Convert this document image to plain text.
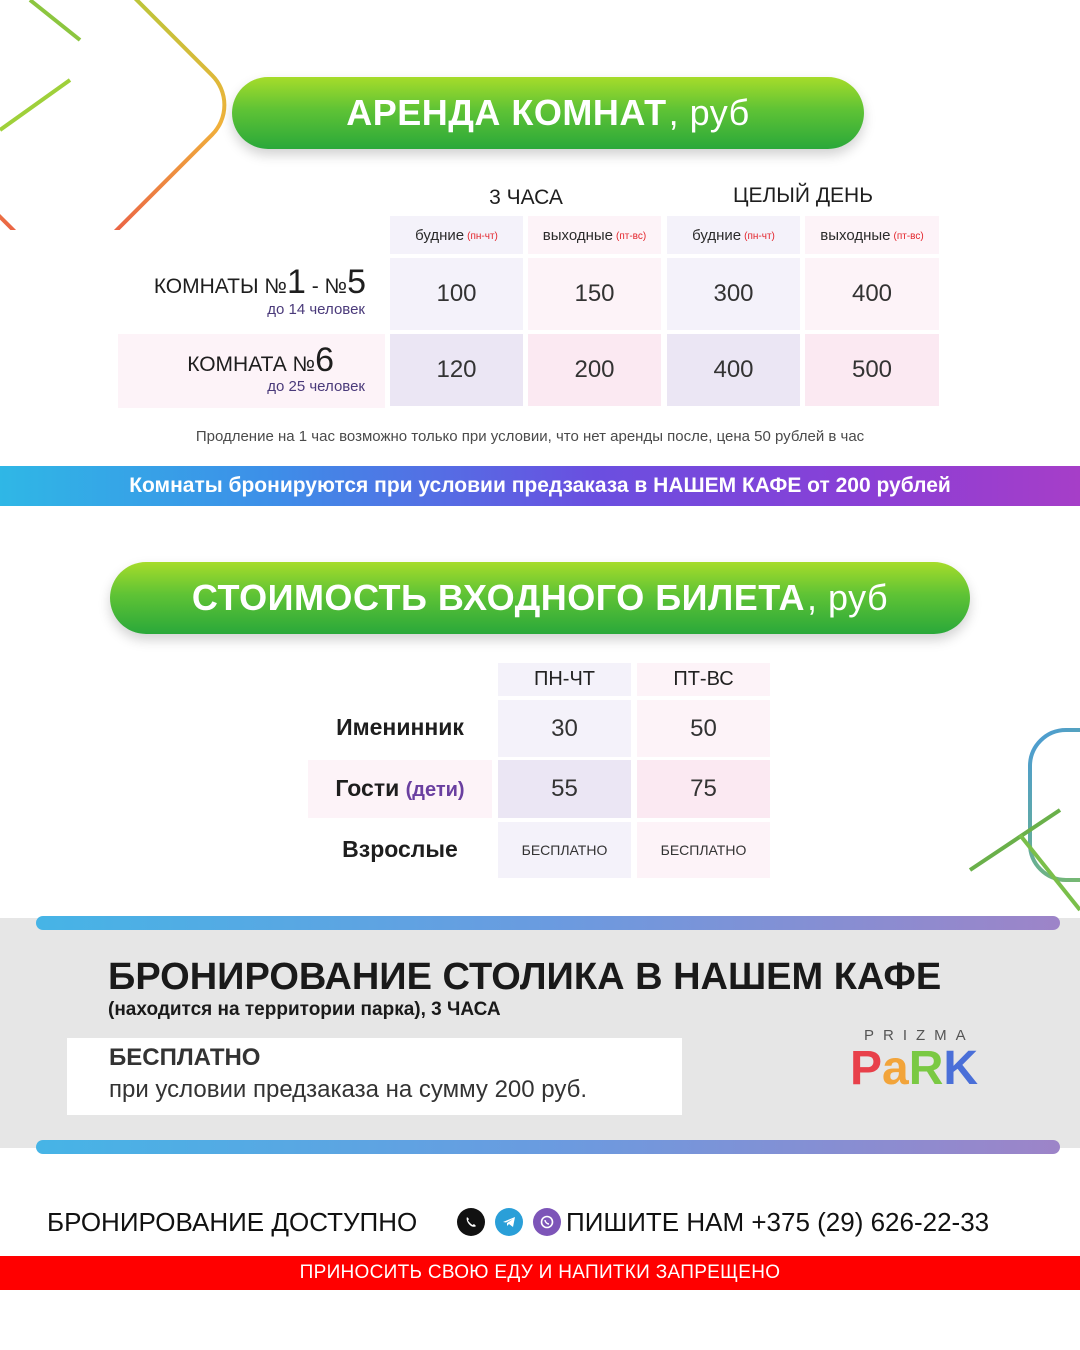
АРЕНДА КОМНАТ , руб
3 ЧАСА	ЦЕЛЫЙ ДЕНЬ
будние (пн-чт)	выходные (пт-вс)	будние (пн-чт)	выходные (пт-вс)
КОМНАТЫ №1 - №5
до 14 человек
100	150	300	400
КОМНАТА №6
до 25 человек
120	200	400	500
Продление на 1 час возможно только при условии, что нет аренды после, цена 50 рублей в час
Комнаты бронируются при условии предзаказа в НАШЕМ КАФЕ от 200 рублей
СТОИМОСТЬ ВХОДНОГО БИЛЕТА , руб
ПН-ЧТ	ПТ-ВС
Именинник	30	50
Гости (дети)	55	75
Взрослые	БЕСПЛАТНО	БЕСПЛАТНО
БРОНИРОВАНИЕ СТОЛИКА В НАШЕМ КАФЕ
(находится на территории парка), 3 ЧАСА
БЕСПЛАТНО
при условии предзаказа на сумму 200 руб.
PRIZMA
PaRK
БРОНИРОВАНИЕ ДОСТУПНО	ПИШИТЕ НАМ +375 (29) 626-22-33
ПРИНОСИТЬ СВОЮ ЕДУ И НАПИТКИ ЗАПРЕЩЕНО
